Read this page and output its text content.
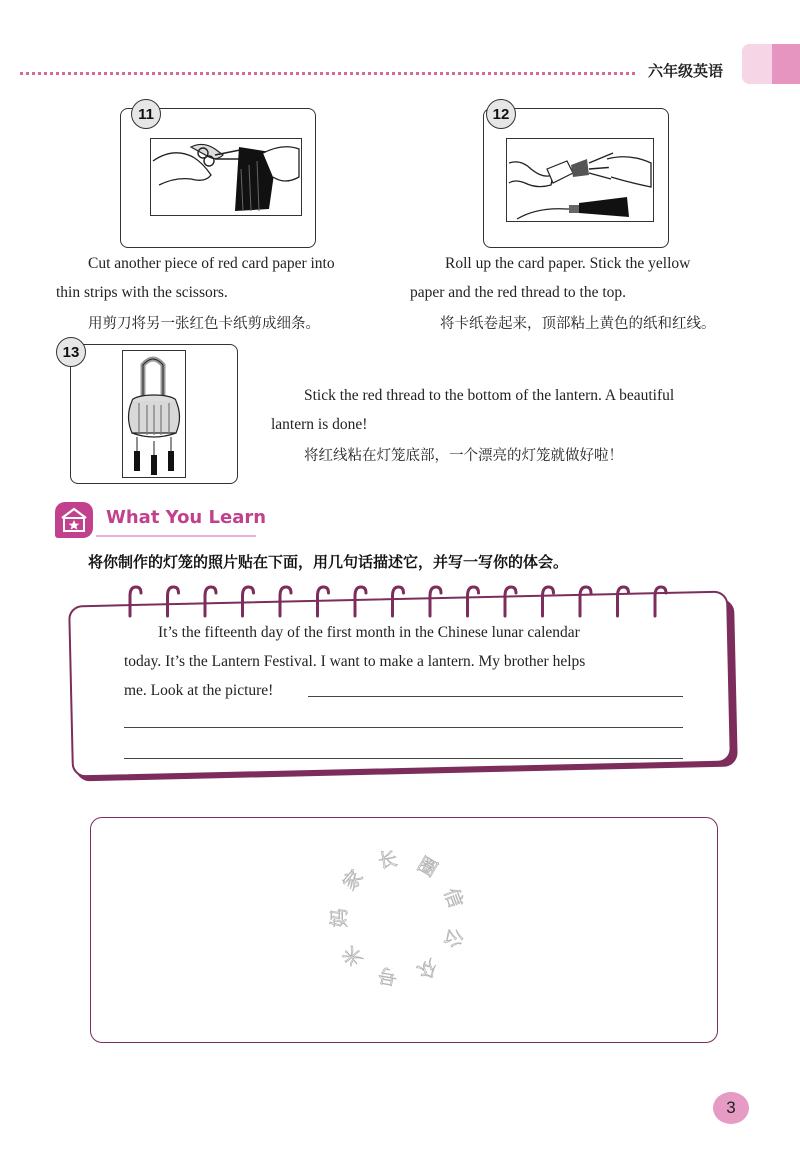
六年级英语
11
Cut another piece of red card paper into
thin strips with the scissors.
用剪刀将另一张红色卡纸剪成细条。
12
Roll up the card paper. Stick the yellow
paper and the red thread to the top.
将卡纸卷起来，顶部粘上黄色的纸和红线。
13
Stick the red thread to the bottom of the lantern. A beautiful
lantern is done!
将红线粘在灯笼底部，一个漂亮的灯笼就做好啦！
What You Learn
将你制作的灯笼的照片贴在下面，用几句话描述它，并写一写你的体会。
It’s the fifteenth day of the first month in the Chinese lunar calendar
today. It’s the Lantern Festival. I want to make a lantern. My brother helps
me. Look at the picture!
米
妈
家
长 圈
信
公
众
号
3
